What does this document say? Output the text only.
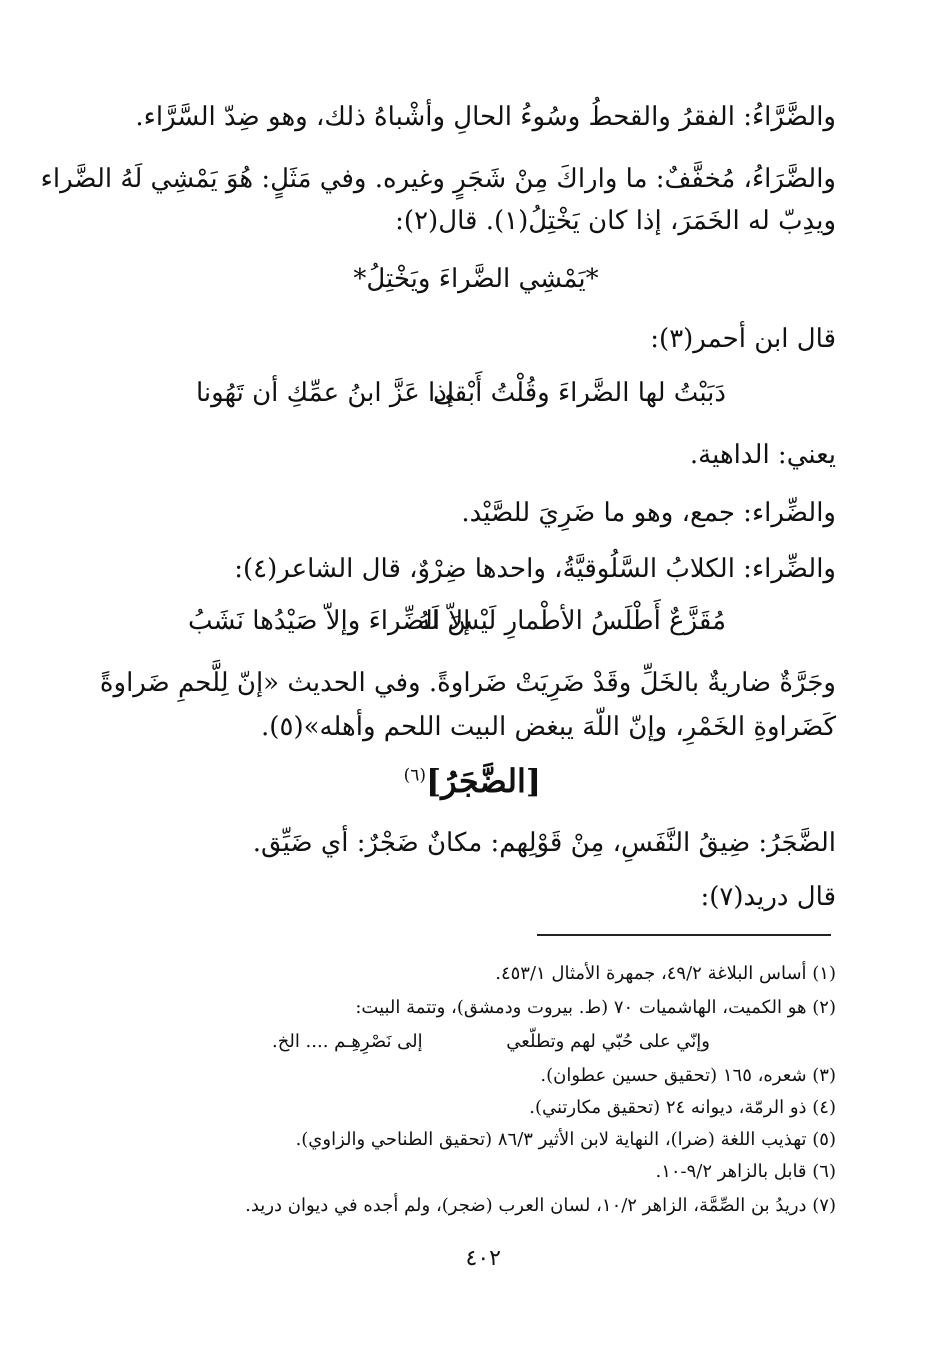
والضَّرَّاءُ: الفقرُ والقحطُ وسُوءُ الحالِ وأشْباهُ ذلك، وهو ضِدّ السَّرَّاء.
والضَّرَاءُ، مُخفَّفٌ: ما واراكَ مِنْ شَجَرٍ وغيره. وفي مَثَلٍ: هُوَ يَمْشِي لَهُ الضَّراء
ويدِبّ له الخَمَرَ، إذا كان يَخْتِلُ(١). قال(٢):
*يَمْشِي الضَّراءَ ويَخْتِلُ*
قال ابن أحمر(٣):
دَبَبْتُ لها الضَّراءَ وقُلْتُ أَبْقى
إذا عَزَّ ابنُ عمِّكِ أن تَهُونا
يعني: الداهية.
والضِّراء: جمع، وهو ما ضَرِيَ للصَّيْد.
والضِّراء: الكلابُ السَّلُوقيَّةُ، واحدها ضِرْوٌ، قال الشاعر(٤):
مُقَزَّعٌ أَطْلَسُ الأطْمارِ لَيْسَ لَهُ
إلاّ الضِّراءَ وإلاّ صَيْدُها نَشَبُ
وجَرَّةٌ ضاريةٌ بالخَلِّ وقَدْ ضَرِيَتْ ضَراوةً. وفي الحديث «إنّ لِلَّحمِ ضَراوةً
كَضَراوةِ الخَمْرِ، وإنّ اللّهَ يبغض البيت اللحم وأهله»(٥).
[الضَّجَرُ]$^{(٦)}$
الضَّجَرُ: ضِيقُ النَّفَسِ، مِنْ قَوْلِهم: مكانٌ ضَجْرٌ: أي ضَيِّق.
قال دريد(٧):
(١) أساس البلاغة ٤٩/٢، جمهرة الأمثال ٤٥٣/١.
(٢) هو الكميت، الهاشميات ٧٠ (ط. بيروت ودمشق)، وتتمة البيت:
وإنّي على حُبّي لهم وتطلّعي
إلى نَصْرِهِـم .... الخ.
(٣) شعره، ١٦٥ (تحقيق حسين عطوان).
(٤) ذو الرمّة، ديوانه ٢٤ (تحقيق مكارتني).
(٥) تهذيب اللغة (ضرا)، النهاية لابن الأثير ٨٦/٣ (تحقيق الطناحي والزاوي).
(٦) قابل بالزاهر ٩/٢-١٠.
(٧) دريدُ بن الصِّمَّة، الزاهر ١٠/٢، لسان العرب (ضجر)، ولم أجده في ديوان دريد.
٤٠٢
